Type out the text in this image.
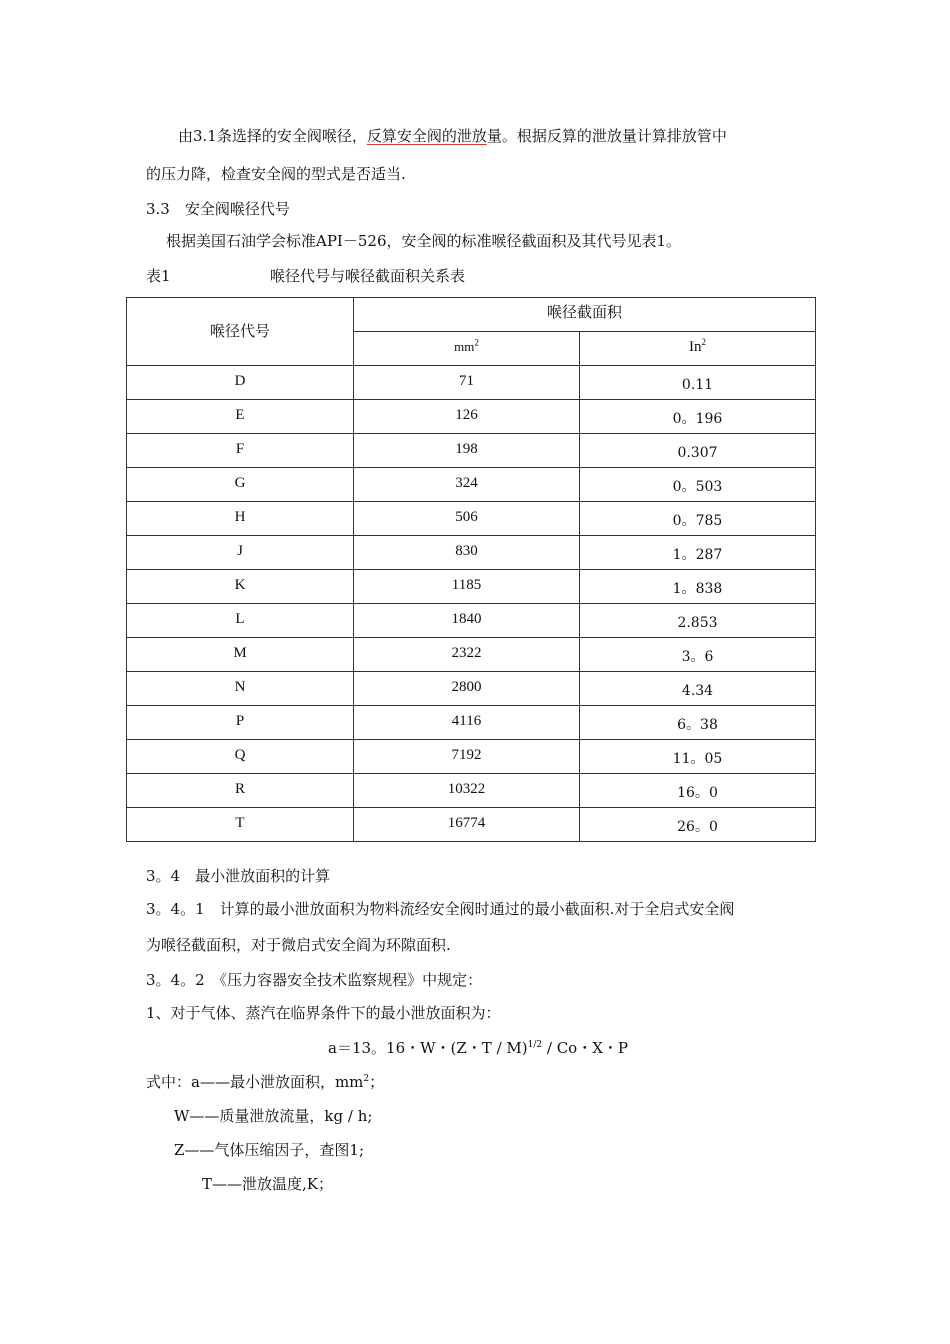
由3.1条选择的安全阀喉径，反算安全阀的泄放量。根据反算的泄放量计算排放管中
的压力降，检查安全阀的型式是否适当.
3.3　安全阀喉径代号
根据美国石油学会标准API－526，安全阀的标准喉径截面积及其代号见表1。
表1	喉径代号与喉径截面积关系表
喉径代号	喉径截面积	
	$mm^2$	In$^2$
D	71	0.11
E	126	0。196
F	198	0.307
G	324	0。503
H	506	0。785
J	830	1。287
K	1185	1。838
L	1840	2.853
M	2322	3。6
N	2800	4.34
P	4116	6。38
Q	7192	11。05
R	10322	16。0
T	16774	26。0
3。4　最小泄放面积的计算
3。4。1　计算的最小泄放面积为物料流经安全阀时通过的最小截面积.对于全启式安全阀
为喉径截面积，对于微启式安全阎为环隙面积.
3。4。2　《压力容器安全技术监察规程》中规定：
1、对于气体、蒸汽在临界条件下的最小泄放面积为：
a＝13。16・W・(Z・T / M)$^{1/2}$ / Co・Χ・P
式中：a——最小泄放面积，$mm^2$；
W——质量泄放流量，kg / h;
Z——气体压缩因子，查图1;
T——泄放温度,K；
